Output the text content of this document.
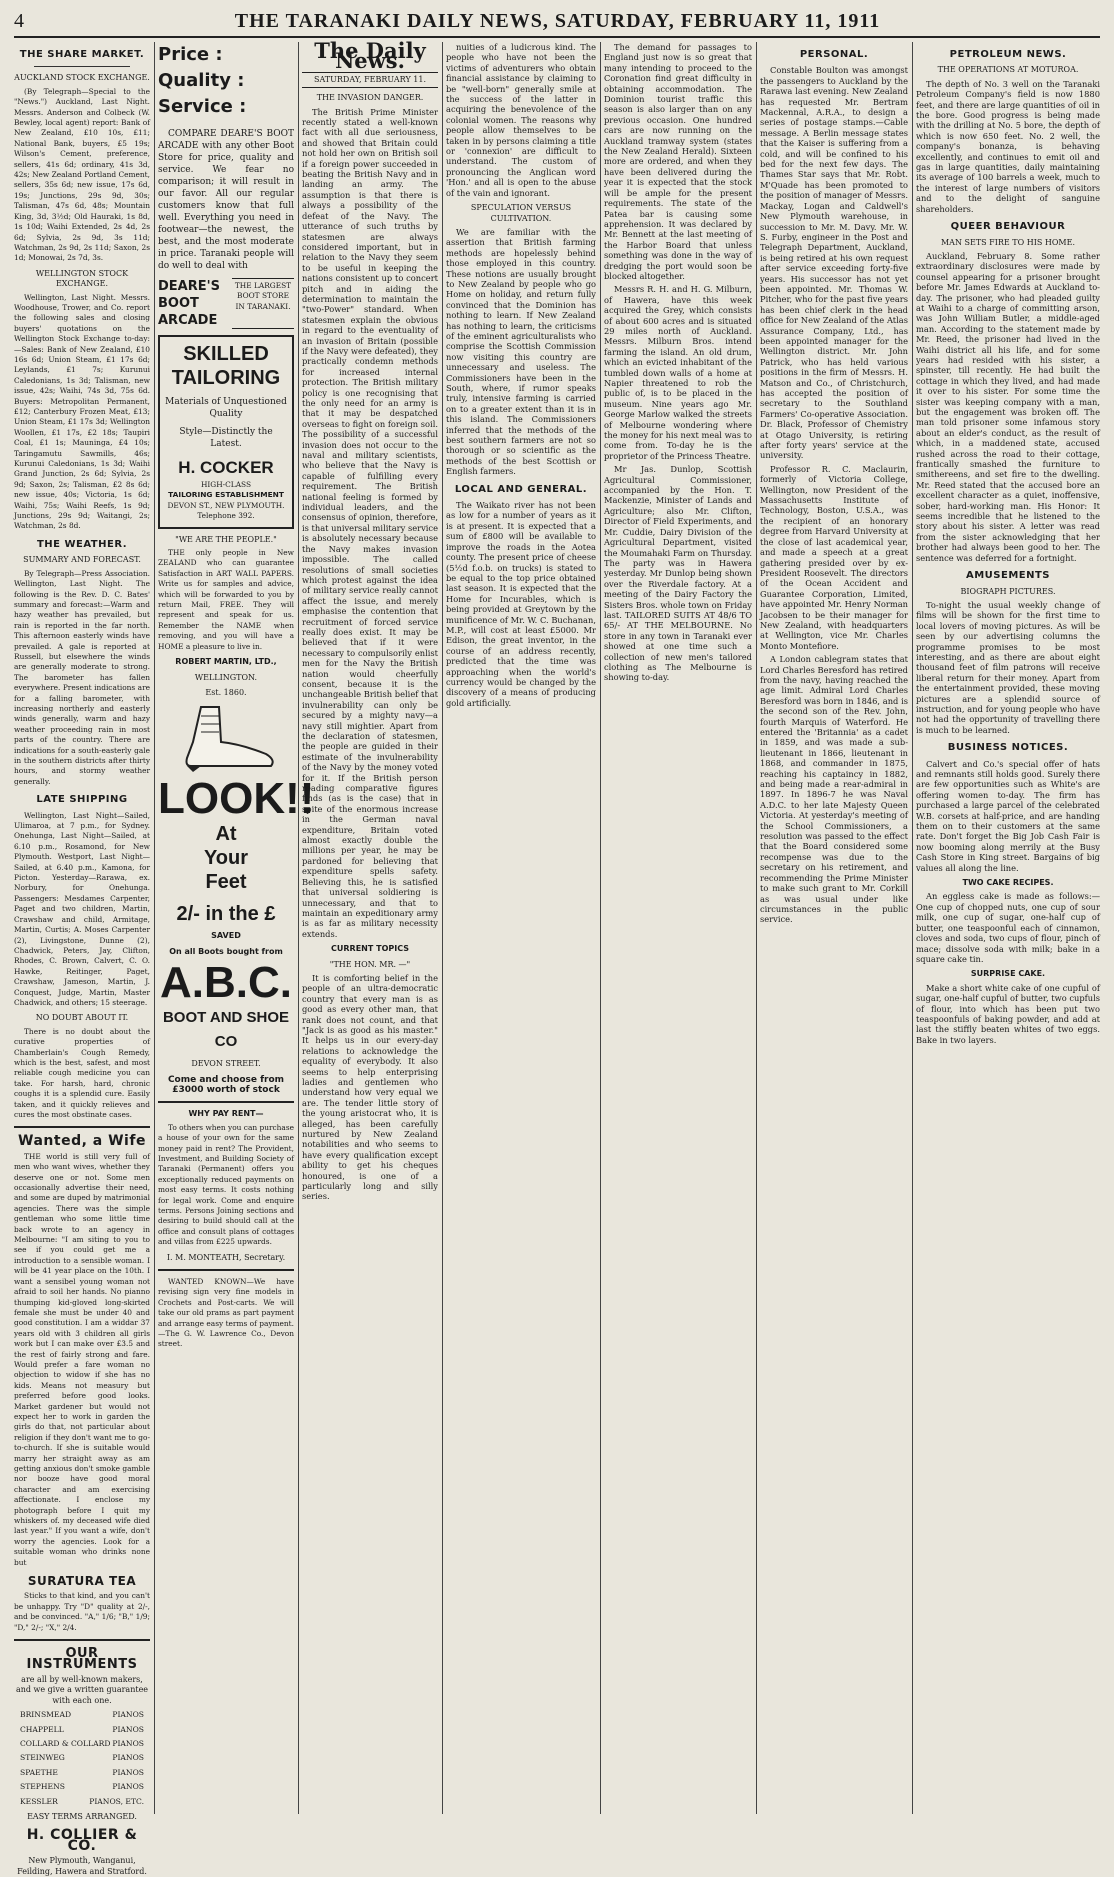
4	THE TARANAKI DAILY NEWS, SATURDAY, FEBRUARY 11, 1911
THE SHARE MARKET.
AUCKLAND STOCK EXCHANGE.

(By Telegraph—Special to the "News.") Auckland, Last Night. Messrs. Anderson and Colbeck (W. Bewley, local agent) report: Bank of New Zealand, £10 10s, £11; National Bank, buyers, £5 19s; Wilson's Cement, preference, sellers, 41s 6d; ordinary, 41s 3d, 42s; New Zealand Portland Cement, sellers, 35s 6d; new issue, 17s 6d, 19s; Junctions, 29s 9d, 30s; Talisman, 47s 6d, 48s; Mountain King, 3d, 3½d; Old Hauraki, 1s 8d, 1s 10d; Waihi Extended, 2s 4d, 2s 6d; Sylvia, 2s 9d, 3s 11d; Watchman, 2s 9d, 2s 11d; Saxon, 2s 1d; Monowai, 2s 7d, 3s.

WELLINGTON STOCK EXCHANGE.

Wellington, Last Night. Messrs. Woodhouse, Trower, and Co. report the following sales and closing buyers' quotations on the Wellington Stock Exchange to-day:—Sales: Bank of New Zealand, £10 16s 6d; Union Steam, £1 17s 6d; Leylands, £1 7s; Kurunui Caledonians, 1s 3d; Talisman, new issue, 42s; Waihi, 74s 3d, 75s 6d. Buyers: Metropolitan Permanent, £12; Canterbury Frozen Meat, £13; Union Steam, £1 17s 3d; Wellington Woollen, £1 17s, £2 18s; Taupiri Coal, £1 1s; Mauninga, £4 10s; Taringamutu Sawmills, 46s; Kurunui Caledonians, 1s 3d; Waihi Grand Junction, 2s 6d; Sylvia, 2s 9d; Saxon, 2s; Talisman, £2 8s 6d; new issue, 40s; Victoria, 1s 6d; Waihi, 75s; Waihi Reefs, 1s 9d; Junctions, 29s 9d; Waitangi, 2s; Watchman, 2s 8d.

THE WEATHER.
SUMMARY AND FORECAST.

By Telegraph—Press Association. Wellington, Last Night. The following is the Rev. D. C. Bates' summary and forecast:—Warm and hazy weather has prevailed, but rain is reported in the far north. This afternoon easterly winds have prevailed. A gale is reported at Russell, but elsewhere the winds are generally moderate to strong. The barometer has fallen everywhere. Present indications are for a falling barometer, with increasing northerly and easterly winds generally, warm and hazy weather proceeding rain in most parts of the country. There are indications for a south-easterly gale in the southern districts after thirty hours, and stormy weather generally.

LATE SHIPPING

Wellington, Last Night—Sailed, Ulimaroa, at 7 p.m., for Sydney. Onehunga, Last Night—Sailed, at 6.10 p.m., Rosamond, for New Plymouth. Westport, Last Night—Sailed, at 6.40 p.m., Kamona, for Picton. Yesterday—Rarawa, ex. Norbury, for Onehunga. Passengers: Mesdames Carpenter, Paget and two children, Martin, Crawshaw and child, Armitage, Martin, Curtis; A. Moses Carpenter (2), Livingstone, Dunne (2), Chadwick, Peters, Jay, Clifton, Rhodes, C. Brown, Calvert, C. O. Hawke, Reitinger, Paget, Crawshaw, Jameson, Martin, J. Conquest, Judge, Martin, Master Chadwick, and others; 15 steerage.

NO DOUBT ABOUT IT.

There is no doubt about the curative properties of Chamberlain's Cough Remedy, which is the best, safest, and most reliable cough medicine you can take. For harsh, hard, chronic coughs it is a splendid cure. Easily taken, and it quickly relieves and cures the most obstinate cases.

Wanted, a Wife

THE world is still very full of men who want wives, whether they deserve one or not. Some men occasionally advertise their need, and some are duped by matrimonial agencies. There was the simple gentleman who some little time back wrote to an agency in Melbourne: "I am siting to you to see if you could get me a introduction to a sensible woman. I will be 41 year place on the 10th. I want a sensibel young woman not afraid to soil her hands. No pianno thumping kid-gloved long-skirted female she must be under 40 and good constitution. I am a widdar 37 years old with 3 children all girls work but I can make over £3.5 and the rest of fairly strong and fare. Would prefer a fare woman no objection to widow if she has no kids. Means not measury but preferred before good looks. Market gardener but would not expect her to work in garden the girls do that, not particular about religion if they don't want me to go-to-church. If she is suitable would marry her straight away as am getting anxious don't smoke gamble nor booze have good moral character and am exercising affectionate. I enclose my photograph before I quit my whiskers of. my deceased wife died last year." If you want a wife, don't worry the agencies. Look for a suitable woman who drinks none but

SURATURA TEA

Sticks to that kind, and you can't be unhappy. Try "D" quality at 2/-, and be convinced. "A," 1/6; "B," 1/9; "D," 2/-; "X," 2/4.

OUR INSTRUMENTS
are all by well-known makers, and we give a written guarantee with each one.
BRINSMEAD	PIANOS
CHAPPELL	PIANOS
COLLARD & COLLARD PIANOS
STEINWEG	PIANOS
SPAETHE	PIANOS
STEPHENS	PIANOS
KESSLER	PIANOS, ETC.
EASY TERMS ARRANGED.
H. COLLIER & CO.
New Plymouth, Wanganui, Feilding, Hawera and Stratford.
Price :
Quality :
Service :

COMPARE DEARE'S BOOT ARCADE with any other Boot Store for price, quality and service. We fear no comparison; it will result in our favor. All our regular customers know that full well. Everything you need in footwear—the newest, the best, and the most moderate in price. Taranaki people will do well to deal with

DEARE'S BOOT ARCADE
THE LARGEST BOOT STORE IN TARANAKI.
SKILLED TAILORING
Materials of Unquestioned Quality
Style—Distinctly the Latest.
H. COCKER
HIGH-CLASS
TAILORING ESTABLISHMENT
DEVON ST., NEW PLYMOUTH.
Telephone 392.
"WE ARE THE PEOPLE."

THE only people in New ZEALAND who can guarantee Satisfaction in ART WALL PAPERS. Write us for samples and advice, which will be forwarded to you by return Mail, FREE. They will represent and speak for us. Remember the NAME when removing, and you will have a HOME a pleasure to live in.

ROBERT MARTIN, LTD.,
WELLINGTON.
Est. 1860.
LOOK!!
At
Your
Feet
2/- in the £
SAVED
On all Boots bought from
A.B.C.
BOOT AND SHOE CO
DEVON STREET.
Come and choose from £3000 worth of stock
WHY PAY RENT—

To others when you can purchase a house of your own for the same money paid in rent? The Provident, Investment, and Building Society of Taranaki (Permanent) offers you exceptionally reduced payments on most easy terms. It costs nothing for legal work. Come and enquire terms. Persons Joining sections and desiring to build should call at the office and consult plans of cottages and villas from £225 upwards.

I. M. MONTEATH, Secretary.

WANTED KNOWN—We have revising sign very fine models in Crochets and Post-carts. We will take our old prams as part payment and arrange easy terms of payment.—The G. W. Lawrence Co., Devon street.

The Daily News.
SATURDAY, FEBRUARY 11.
THE INVASION DANGER.

The British Prime Minister recently stated a well-known fact with all due seriousness, and showed that Britain could not hold her own on British soil if a foreign power succeeded in beating the British Navy and in landing an army. The assumption is that there is always a possibility of the defeat of the Navy. The utterance of such truths by statesmen are always considered important, but in relation to the Navy they seem to be useful in keeping the nations consistent up to concert pitch and in aiding the determination to maintain the "two-Power" standard. When statesmen explain the obvious in regard to the eventuality of an invasion of Britain (possible if the Navy were defeated), they practically condemn methods for increased internal protection. The British military policy is one recognising that the only need for an army is that it may be despatched overseas to fight on foreign soil. The possibility of a successful invasion does not occur to the naval and military scientists, who believe that the Navy is capable of fulfilling every requirement. The British national feeling is formed by individual leaders, and the consensus of opinion, therefore, is that universal military service is absolutely necessary because the Navy makes invasion impossible. The called resolutions of small societies which protest against the idea of military service really cannot affect the issue, and merely emphasise the contention that recruitment of forced service really does exist. It may be believed that if it were necessary to compulsorily enlist men for the Navy the British nation would cheerfully consent, because it is the unchangeable British belief that invulnerability can only be secured by a mighty navy—a navy still mightier. Apart from the declaration of statesmen, the people are guided in their estimate of the invulnerability of the Navy by the money voted for it. If the British person reading comparative figures finds (as is the case) that in spite of the enormous increase in the German naval expenditure, Britain voted almost exactly double the millions per year, he may be pardoned for believing that expenditure spells safety. Believing this, he is satisfied that universal soldiering is unnecessary, and that to maintain an expeditionary army is as far as military necessity extends.

CURRENT TOPICS
"THE HON. MR. —"

It is comforting belief in the people of an ultra-democratic country that every man is as good as every other man, that rank does not count, and that "Jack is as good as his master." It helps us in our every-day relations to acknowledge the equality of everybody. It also seems to help enterprising ladies and gentlemen who understand how very equal we are. The tender little story of the young aristocrat who, it is alleged, has been carefully nurtured by New Zealand notabilities and who seems to have every qualification except ability to get his cheques honoured, is one of a particularly long and silly series.

nuities of a ludicrous kind. The people who have not been the victims of adventurers who obtain financial assistance by claiming to be "well-born" generally smile at the success of the latter in acquiring the benevolence of the colonial women. The reasons why people allow themselves to be taken in by persons claiming a title or 'connexion' are difficult to understand. The custom of pronouncing the Anglican word 'Hon.' and all is open to the abuse of the vain and ignorant.

SPECULATION VERSUS CULTIVATION.

We are familiar with the assertion that British farming methods are hopelessly behind those employed in this country. These notions are usually brought to New Zealand by people who go Home on holiday, and return fully convinced that the Dominion has nothing to learn. If New Zealand has nothing to learn, the criticisms of the eminent agriculturalists who comprise the Scottish Commission now visiting this country are unnecessary and useless. The Commissioners have been in the South, where, if rumor speaks truly, intensive farming is carried on to a greater extent than it is in this island. The Commissioners inferred that the methods of the best southern farmers are not so thorough or so scientific as the methods of the best Scottish or English farmers.

LOCAL AND GENERAL.

The Waikato river has not been as low for a number of years as it is at present. It is expected that a sum of £800 will be available to improve the roads in the Aotea county. The present price of cheese (5½d f.o.b. on trucks) is stated to be equal to the top price obtained last season. It is expected that the Home for Incurables, which is being provided at Greytown by the munificence of Mr. W. C. Buchanan, M.P., will cost at least £5000. Mr Edison, the great inventor, in the course of an address recently, predicted that the time was approaching when the world's currency would be changed by the discovery of a means of producing gold artificially.

The demand for passages to England just now is so great that many intending to proceed to the Coronation find great difficulty in obtaining accommodation. The Dominion tourist traffic this season is also larger than on any previous occasion. One hundred cars are now running on the Auckland tramway system (states the New Zealand Herald). Sixteen more are ordered, and when they have been delivered during the year it is expected that the stock will be ample for the present requirements. The state of the Patea bar is causing some apprehension. It was declared by Mr. Bennett at the last meeting of the Harbor Board that unless something was done in the way of dredging the port would soon be blocked altogether.

Messrs R. H. and H. G. Milburn, of Hawera, have this week acquired the Grey, which consists of about 600 acres and is situated 29 miles north of Auckland. Messrs. Milburn Bros. intend farming the island. An old drum, which an evicted inhabitant of the tumbled down walls of a home at Napier threatened to rob the public of, is to be placed in the museum. Nine years ago Mr. George Marlow walked the streets of Melbourne wondering where the money for his next meal was to come from. To-day he is the proprietor of the Princess Theatre.

Mr Jas. Dunlop, Scottish Agricultural Commissioner, accompanied by the Hon. T. Mackenzie, Minister of Lands and Agriculture; also Mr. Clifton, Director of Field Experiments, and Mr. Cuddie, Dairy Division of the Agricultural Department, visited the Moumahaki Farm on Thursday. The party was in Hawera yesterday. Mr Dunlop being shown over the Riverdale factory. At a meeting of the Dairy Factory the Sisters Bros. whole town on Friday last. TAILORED SUITS AT 48/6 TO 65/- AT THE MELBOURNE. No store in any town in Taranaki ever showed at one time such a collection of new men's tailored clothing as The Melbourne is showing to-day.

PERSONAL.

Constable Boulton was amongst the passengers to Auckland by the Rarawa last evening. New Zealand has requested Mr. Bertram Mackennal, A.R.A., to design a series of postage stamps.—Cable message. A Berlin message states that the Kaiser is suffering from a cold, and will be confined to his bed for the next few days. The Thames Star says that Mr. Robt. M'Quade has been promoted to the position of manager of Messrs. Mackay, Logan and Caldwell's New Plymouth warehouse, in succession to Mr. M. Davy. Mr. W. S. Furby, engineer in the Post and Telegraph Department, Auckland, is being retired at his own request after service exceeding forty-five years. His successor has not yet been appointed. Mr. Thomas W. Pitcher, who for the past five years has been chief clerk in the head office for New Zealand of the Atlas Assurance Company, Ltd., has been appointed manager for the Wellington district. Mr. John Patrick, who has held various positions in the firm of Messrs. H. Matson and Co., of Christchurch, has accepted the position of secretary to the Southland Farmers' Co-operative Association. Dr. Black, Professor of Chemistry at Otago University, is retiring after forty years' service at the university.

Professor R. C. Maclaurin, formerly of Victoria College, Wellington, now President of the Massachusetts Institute of Technology, Boston, U.S.A., was the recipient of an honorary degree from Harvard University at the close of last academical year, and made a speech at a great gathering presided over by ex-President Roosevelt. The directors of the Ocean Accident and Guarantee Corporation, Limited, have appointed Mr. Henry Norman Jacobsen to be their manager for New Zealand, with headquarters at Wellington, vice Mr. Charles Monto Montefiore.

A London cablegram states that Lord Charles Beresford has retired from the navy, having reached the age limit. Admiral Lord Charles Beresford was born in 1846, and is the second son of the Rev. John, fourth Marquis of Waterford. He entered the 'Britannia' as a cadet in 1859, and was made a sub-lieutenant in 1866, lieutenant in 1868, and commander in 1875, reaching his captaincy in 1882, and being made a rear-admiral in 1897. In 1896-7 he was Naval A.D.C. to her late Majesty Queen Victoria. At yesterday's meeting of the School Commissioners, a resolution was passed to the effect that the Board considered some recompense was due to the secretary on his retirement, and recommending the Prime Minister to make such grant to Mr. Corkill as was usual under like circumstances in the public service.

PETROLEUM NEWS.
THE OPERATIONS AT MOTUROA.

The depth of No. 3 well on the Taranaki Petroleum Company's field is now 1880 feet, and there are large quantities of oil in the bore. Good progress is being made with the drilling at No. 5 bore, the depth of which is now 650 feet. No. 2 well, the company's bonanza, is behaving excellently, and continues to emit oil and gas in large quantities, daily maintaining its average of 100 barrels a week, much to the interest of large numbers of visitors and to the delight of sanguine shareholders.

QUEER BEHAVIOUR
MAN SETS FIRE TO HIS HOME.

Auckland, February 8. Some rather extraordinary disclosures were made by counsel appearing for a prisoner brought before Mr. James Edwards at Auckland to-day. The prisoner, who had pleaded guilty at Waihi to a charge of committing arson, was John William Butler, a middle-aged man. According to the statement made by Mr. Reed, the prisoner had lived in the Waihi district all his life, and for some years had resided with his sister, a spinster, till recently. He had built the cottage in which they lived, and had made it over to his sister. For some time the sister was keeping company with a man, but the engagement was broken off. The man told prisoner some infamous story about an elder's conduct, as the result of which, in a maddened state, accused rushed across the road to their cottage, frantically smashed the furniture to smithereens, and set fire to the dwelling. Mr. Reed stated that the accused bore an excellent character as a quiet, inoffensive, sober, hard-working man. His Honor: It seems incredible that he listened to the story about his sister. A letter was read from the sister acknowledging that her brother had always been good to her. The sentence was deferred for a fortnight.

AMUSEMENTS
BIOGRAPH PICTURES.

To-night the usual weekly change of films will be shown for the first time to local lovers of moving pictures. As will be seen by our advertising columns the programme promises to be most interesting, and as there are about eight thousand feet of film patrons will receive liberal return for their money. Apart from the entertainment provided, these moving pictures are a splendid source of instruction, and for young people who have not had the opportunity of travelling there is much to be learned.

BUSINESS NOTICES.

Calvert and Co.'s special offer of hats and remnants still holds good. Surely there are few opportunities such as White's are offering women to-day. The firm has purchased a large parcel of the celebrated W.B. corsets at half-price, and are handing them on to their customers at the same rate. Don't forget the Big Job Cash Fair is now booming along merrily at the Busy Cash Store in King street. Bargains of big values all along the line.

TWO CAKE RECIPES.

An eggless cake is made as follows:—One cup of chopped nuts, one cup of sour milk, one cup of sugar, one-half cup of butter, one teaspoonful each of cinnamon, cloves and soda, two cups of flour, pinch of mace; dissolve soda with milk; bake in a square cake tin.

SURPRISE CAKE.

Make a short white cake of one cupful of sugar, one-half cupful of butter, two cupfuls of flour, into which has been put two teaspoonfuls of baking powder, and add at last the stiffly beaten whites of two eggs. Bake in two layers.
